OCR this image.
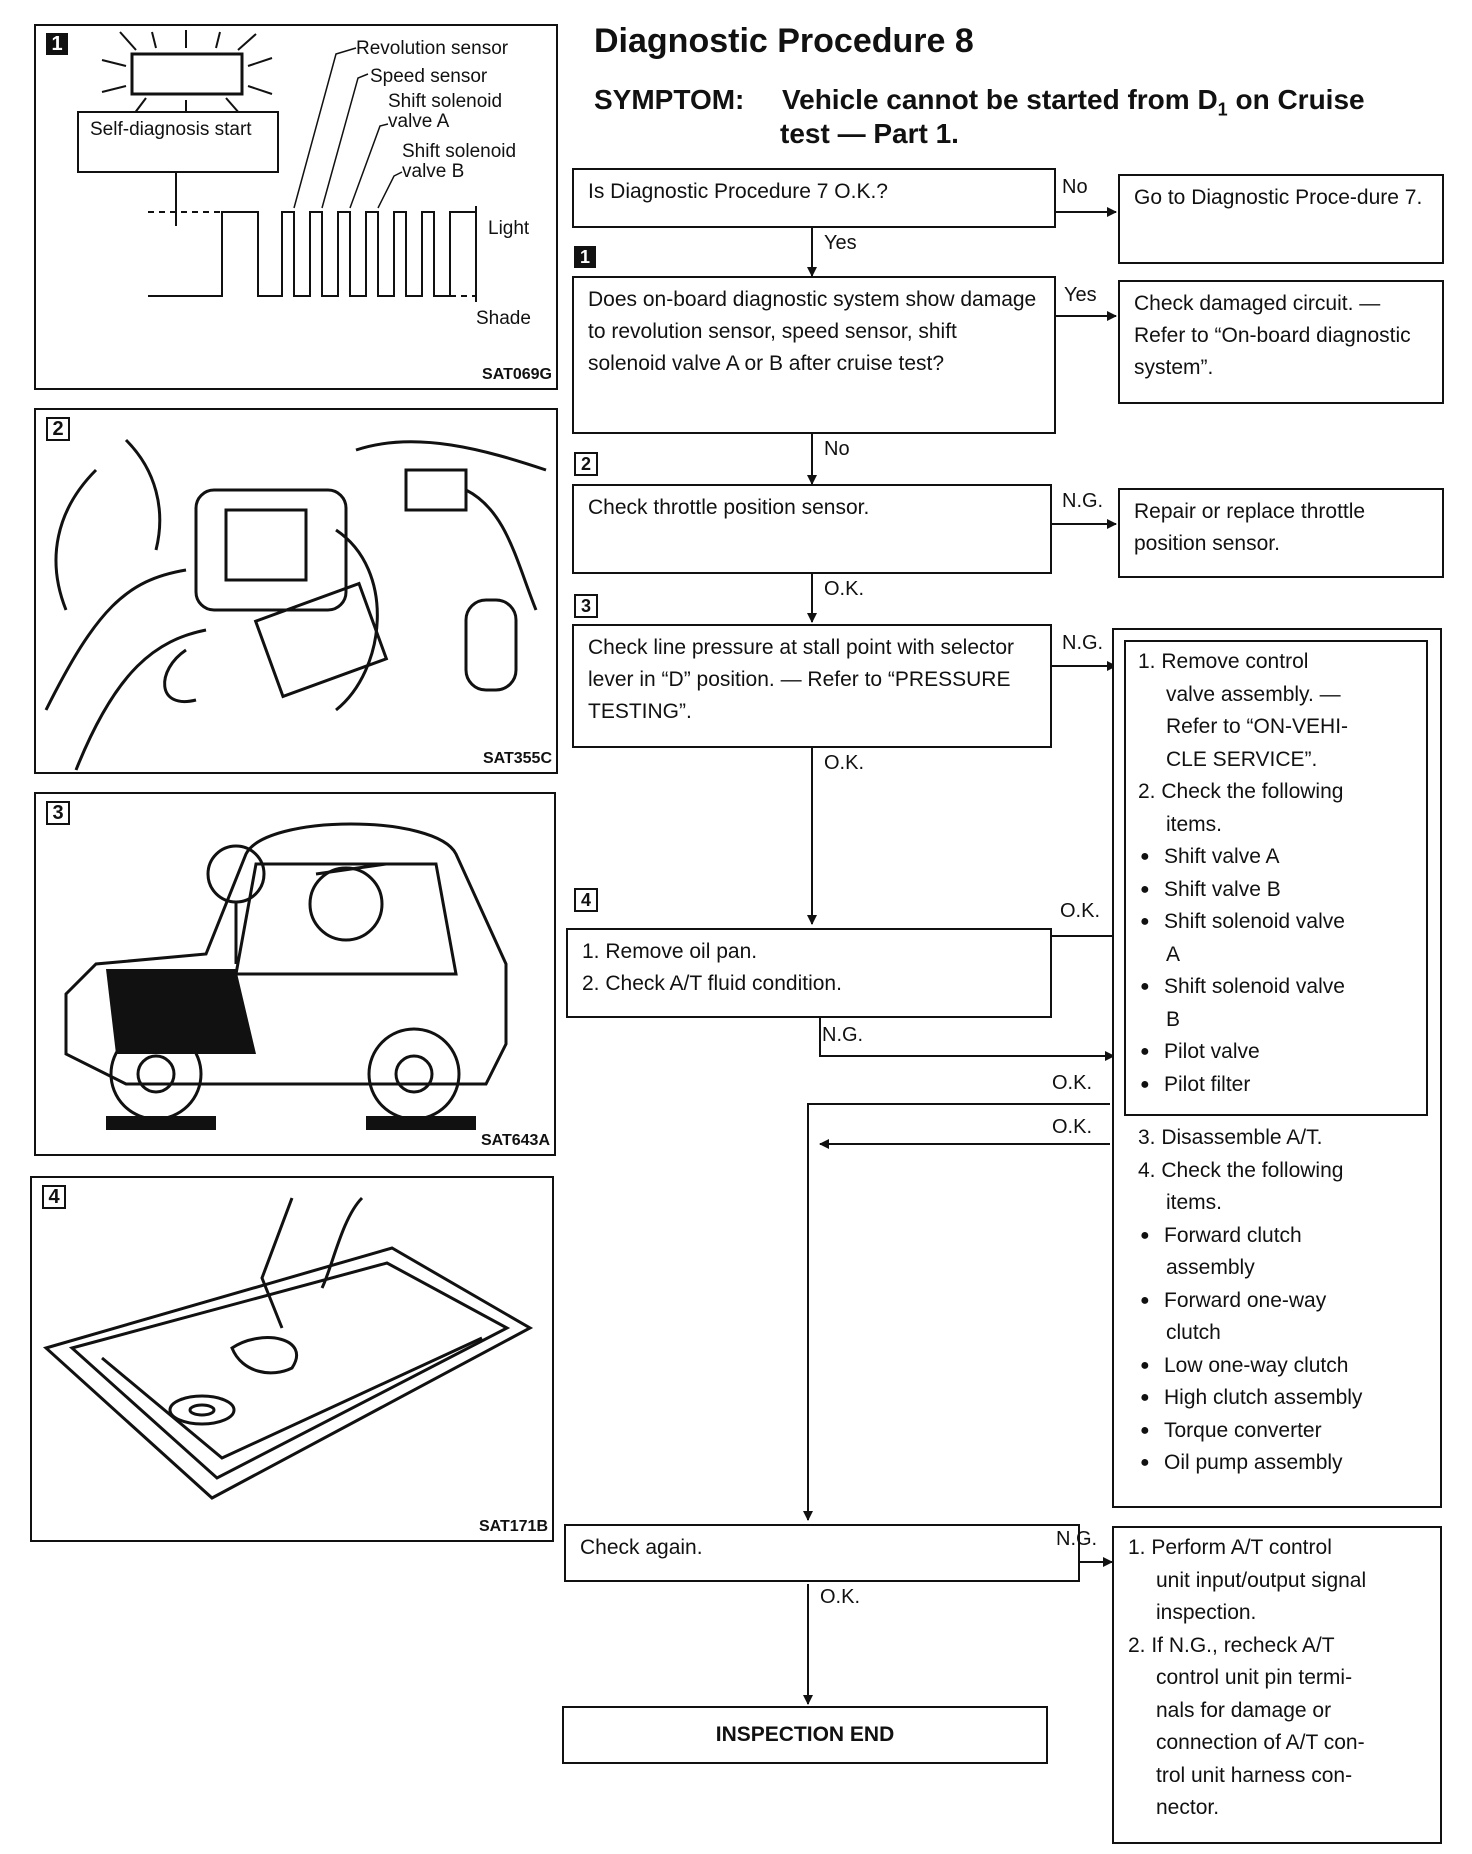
1	Revolution sensor
Speed sensor
Shift solenoid valve A
Shift solenoid valve B
Self-diagnosis start
Light
Shade
SAT069G
2
SAT355C
3
SAT643A
4
SAT171B
Diagnostic Procedure 8
SYMPTOM: Vehicle cannot be started from $D_1$ on Cruise
test — Part 1.
Is Diagnostic Procedure 7 O.K.?	No	Go to Diagnostic Proce-dure 7.
Yes
1
Does on-board diagnostic system show damage to revolution sensor, speed sensor, shift solenoid valve A or B after cruise test?
Yes	Check damaged circuit. — Refer to “On-board diagnostic system”.
No
2
Check throttle position sensor.	N.G.	Repair or replace throttle position sensor.
O.K.
3
Check line pressure at stall point with selector lever in “D” position. — Refer to “PRESSURE TESTING”.
N.G.
O.K.
4
1. Remove oil pan.
2. Check A/T fluid condition.
O.K.
N.G.
O.K.
O.K.
1. Remove control
valve assembly. —
Refer to “ON-VEHI-
CLE SERVICE”.
2. Check the following
items.
● Shift valve A
● Shift valve B
● Shift solenoid valve
A
● Shift solenoid valve
B
● Pilot valve
● Pilot filter
3. Disassemble A/T.
4. Check the following
items.
● Forward clutch
assembly
● Forward one-way
clutch
● Low one-way clutch
● High clutch assembly
● Torque converter
● Oil pump assembly
Check again.	N.G.
O.K.
1. Perform A/T control
unit input/output signal
inspection.
2. If N.G., recheck A/T
control unit pin termi-
nals for damage or
connection of A/T con-
trol unit harness con-
nector.
INSPECTION END
